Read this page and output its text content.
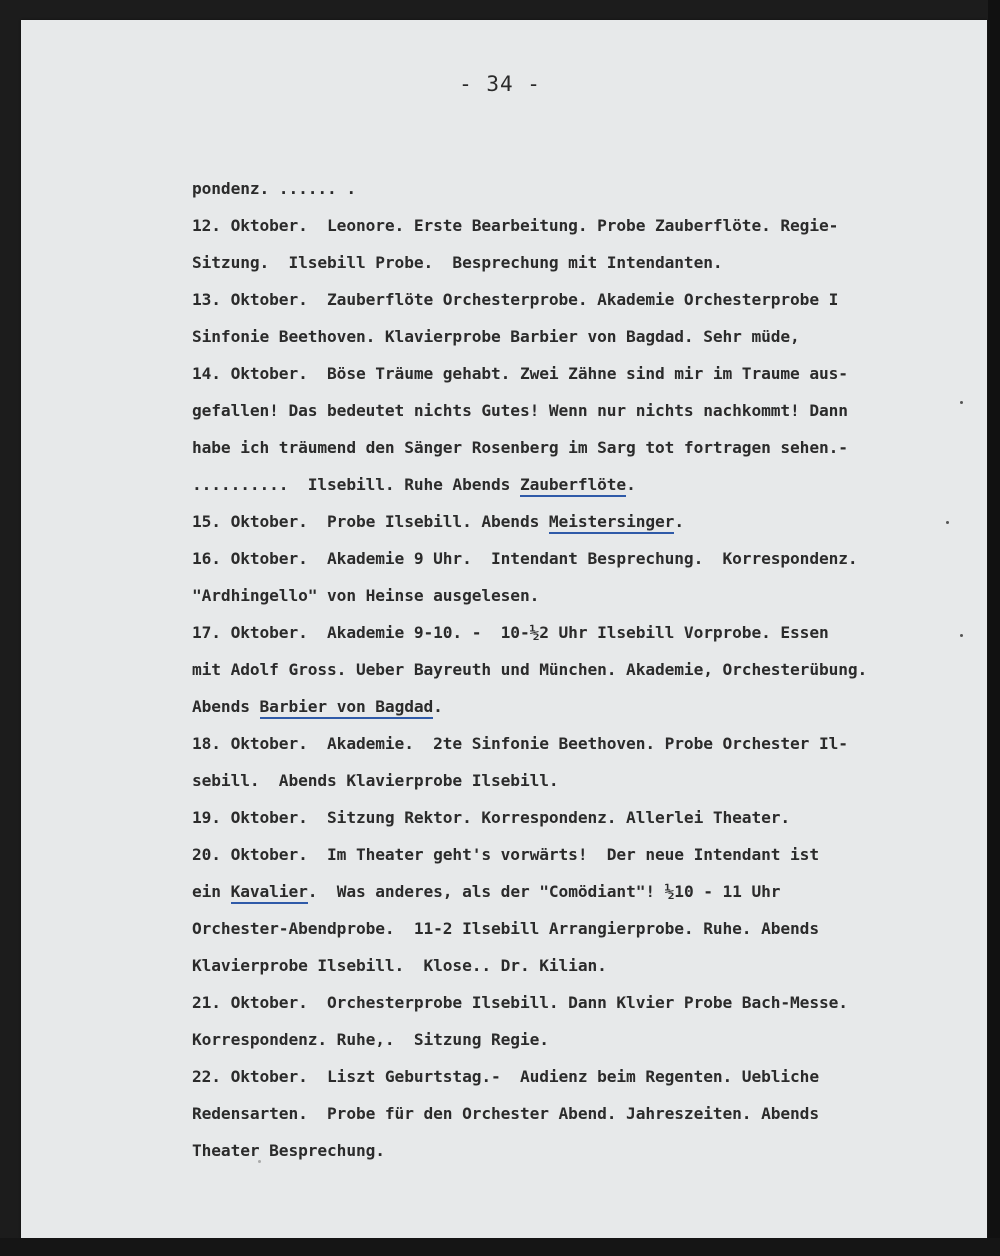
- 34 -
pondenz. ...... .
12. Oktober.  Leonore. Erste Bearbeitung. Probe Zauberflöte. Regie-
Sitzung.  Ilsebill Probe.  Besprechung mit Intendanten.
13. Oktober.  Zauberflöte Orchesterprobe. Akademie Orchesterprobe I
Sinfonie Beethoven. Klavierprobe Barbier von Bagdad. Sehr müde,
14. Oktober.  Böse Träume gehabt. Zwei Zähne sind mir im Traume aus-
gefallen! Das bedeutet nichts Gutes! Wenn nur nichts nachkommt! Dann
habe ich träumend den Sänger Rosenberg im Sarg tot fortragen sehen.-
..........  Ilsebill. Ruhe Abends Zauberflöte.
15. Oktober.  Probe Ilsebill. Abends Meistersinger.
16. Oktober.  Akademie 9 Uhr.  Intendant Besprechung.  Korrespondenz.
"Ardhingello" von Heinse ausgelesen.
17. Oktober.  Akademie 9-10. -  10-½2 Uhr Ilsebill Vorprobe. Essen
mit Adolf Gross. Ueber Bayreuth und München. Akademie, Orchesterübung.
Abends Barbier von Bagdad.
18. Oktober.  Akademie.  2te Sinfonie Beethoven. Probe Orchester Il-
sebill.  Abends Klavierprobe Ilsebill.
19. Oktober.  Sitzung Rektor. Korrespondenz. Allerlei Theater.
20. Oktober.  Im Theater geht's vorwärts!  Der neue Intendant ist
ein Kavalier.  Was anderes, als der "Comödiant"! ½10 - 11 Uhr
Orchester-Abendprobe.  11-2 Ilsebill Arrangierprobe. Ruhe. Abends
Klavierprobe Ilsebill.  Klose.. Dr. Kilian.
21. Oktober.  Orchesterprobe Ilsebill. Dann Klvier Probe Bach-Messe.
Korrespondenz. Ruhe,.  Sitzung Regie.
22. Oktober.  Liszt Geburtstag.-  Audienz beim Regenten. Uebliche
Redensarten.  Probe für den Orchester Abend. Jahreszeiten. Abends
Theater Besprechung.
